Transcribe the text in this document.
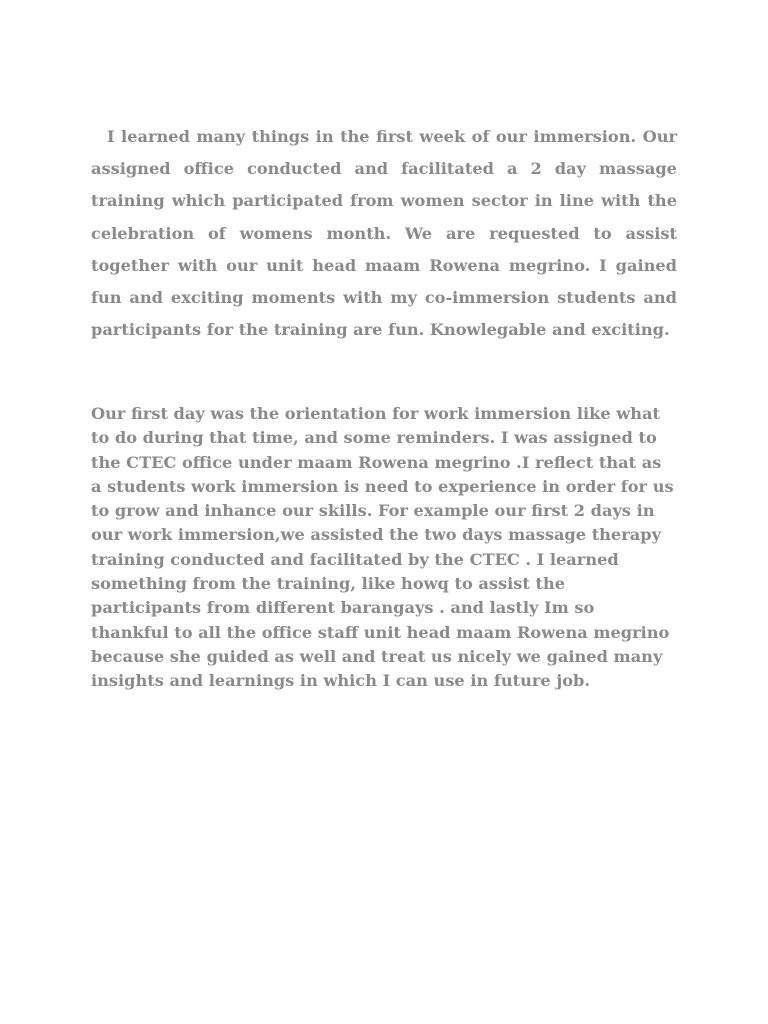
I learned many things in the first week of our immersion. Our assigned office conducted and facilitated a 2 day massage training which participated from women sector in line with the celebration of womens month. We are requested to assist together with our unit head maam Rowena megrino. I gained fun and exciting moments with my co-immersion students and participants for the training are fun. Knowlegable and exciting.

Our first day was the orientation for work immersion like what to do during that time, and some reminders. I was assigned to the CTEC office under maam Rowena megrino .I reflect that as a students work immersion is need to experience in order for us to grow and inhance our skills. For example our first 2 days in our work immersion,we assisted the two days massage therapy training conducted and facilitated by the CTEC . I learned something from the training, like howq to assist the participants from different barangays . and lastly Im so thankful to all the office staff unit head maam Rowena megrino because she guided as well and treat us nicely we gained many insights and learnings in which I can use in future job.
